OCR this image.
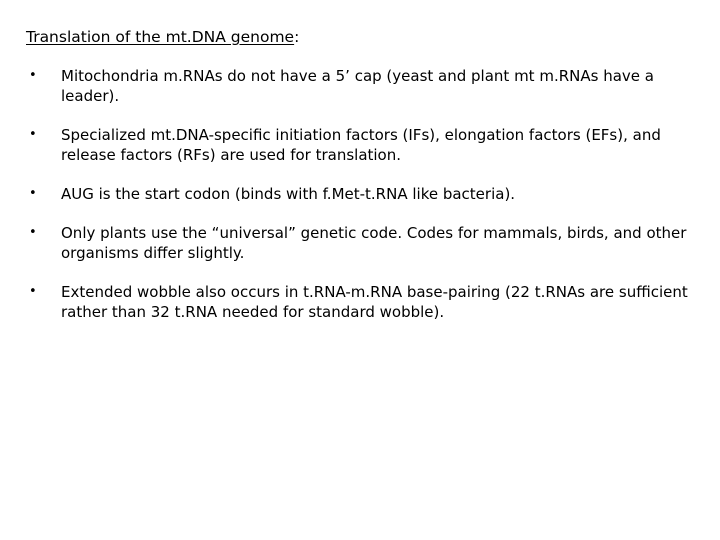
Translation of the mt.DNA genome:
• Mitochondria m.RNAs do not have a 5’ cap (yeast and plant mt m.RNAs have a leader).
• Specialized mt.DNA-specific initiation factors (IFs), elongation factors (EFs), and release factors (RFs) are used for translation.
• AUG is the start codon (binds with f.Met-t.RNA like bacteria).
• Only plants use the “universal” genetic code. Codes for mammals, birds, and other organisms differ slightly.
• Extended wobble also occurs in t.RNA-m.RNA base-pairing (22 t.RNAs are sufficient rather than 32 t.RNA needed for standard wobble).
